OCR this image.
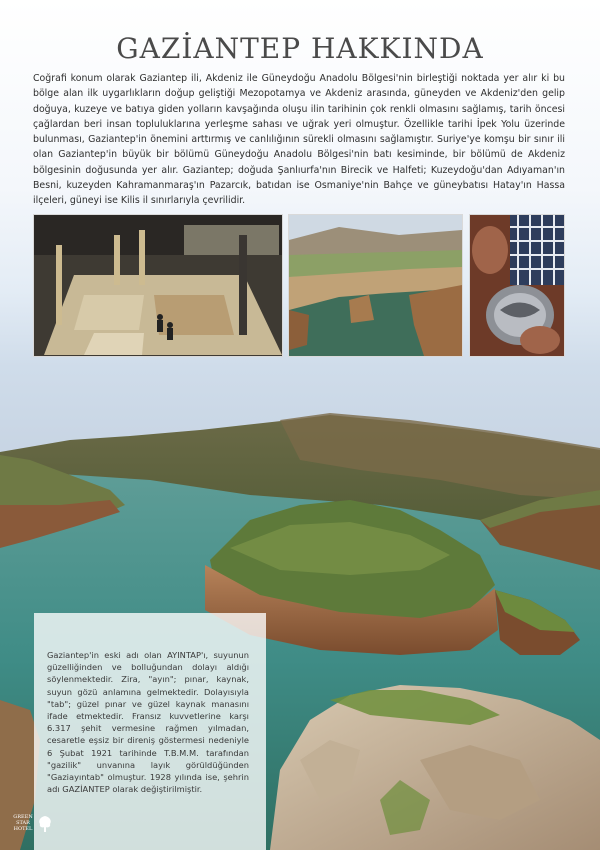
GAZİANTEP HAKKINDA

Coğrafi konum olarak Gaziantep ili, Akdeniz ile Güneydoğu Anadolu Bölgesi'nin birleştiği noktada yer alır ki bu bölge alan ilk uygarlıkların doğup geliştiği Mezopotamya ve Akdeniz arasında, güneyden ve Akdeniz'den gelip doğuya, kuzeye ve batıya giden yolların kavşağında oluşu ilin tarihinin çok renkli olmasını sağlamış, tarih öncesi çağlardan beri insan topluluklarına yerleşme sahası ve uğrak yeri olmuştur. Özellikle tarihi İpek Yolu üzerinde bulunması, Gaziantep'in önemini arttırmış ve canlılığının sürekli olmasını sağlamıştır. Suriye'ye komşu bir sınır ili olan Gaziantep'in büyük bir bölümü Güneydoğu Anadolu Bölgesi'nin batı kesiminde, bir bölümü de Akdeniz bölgesinin doğusunda yer alır. Gaziantep; doğuda Şanlıurfa'nın Birecik ve Halfeti; Kuzeydoğu'dan Adıyaman'ın Besni, kuzeyden Kahramanmaraş'ın Pazarcık, batıdan ise Osmaniye'nin Bahçe ve güneybatısı Hatay'ın Hassa ilçeleri, güneyi ise Kilis il sınırlarıyla çevrilidir.

Gaziantep'in eski adı olan AYINTAP'ı, suyunun güzelliğinden ve bolluğundan dolayı aldığı söylenmektedir. Zira, "ayın"; pınar, kaynak, suyun gözü anlamına gelmektedir. Dolayısıyla "tab"; güzel pınar ve güzel kaynak manasını ifade etmektedir. Fransız kuvvetlerine karşı 6.317 şehit vermesine rağmen yılmadan, cesaretle eşsiz bir direniş göstermesi nedeniyle 6 Şubat 1921 tarihinde T.B.M.M. tarafından "gazilik" unvanına layık görüldüğünden "Gaziayıntab" olmuştur. 1928 yılında ise, şehrin adı GAZİANTEP olarak değiştirilmiştir.

GREEN
STAR
HOTEL
